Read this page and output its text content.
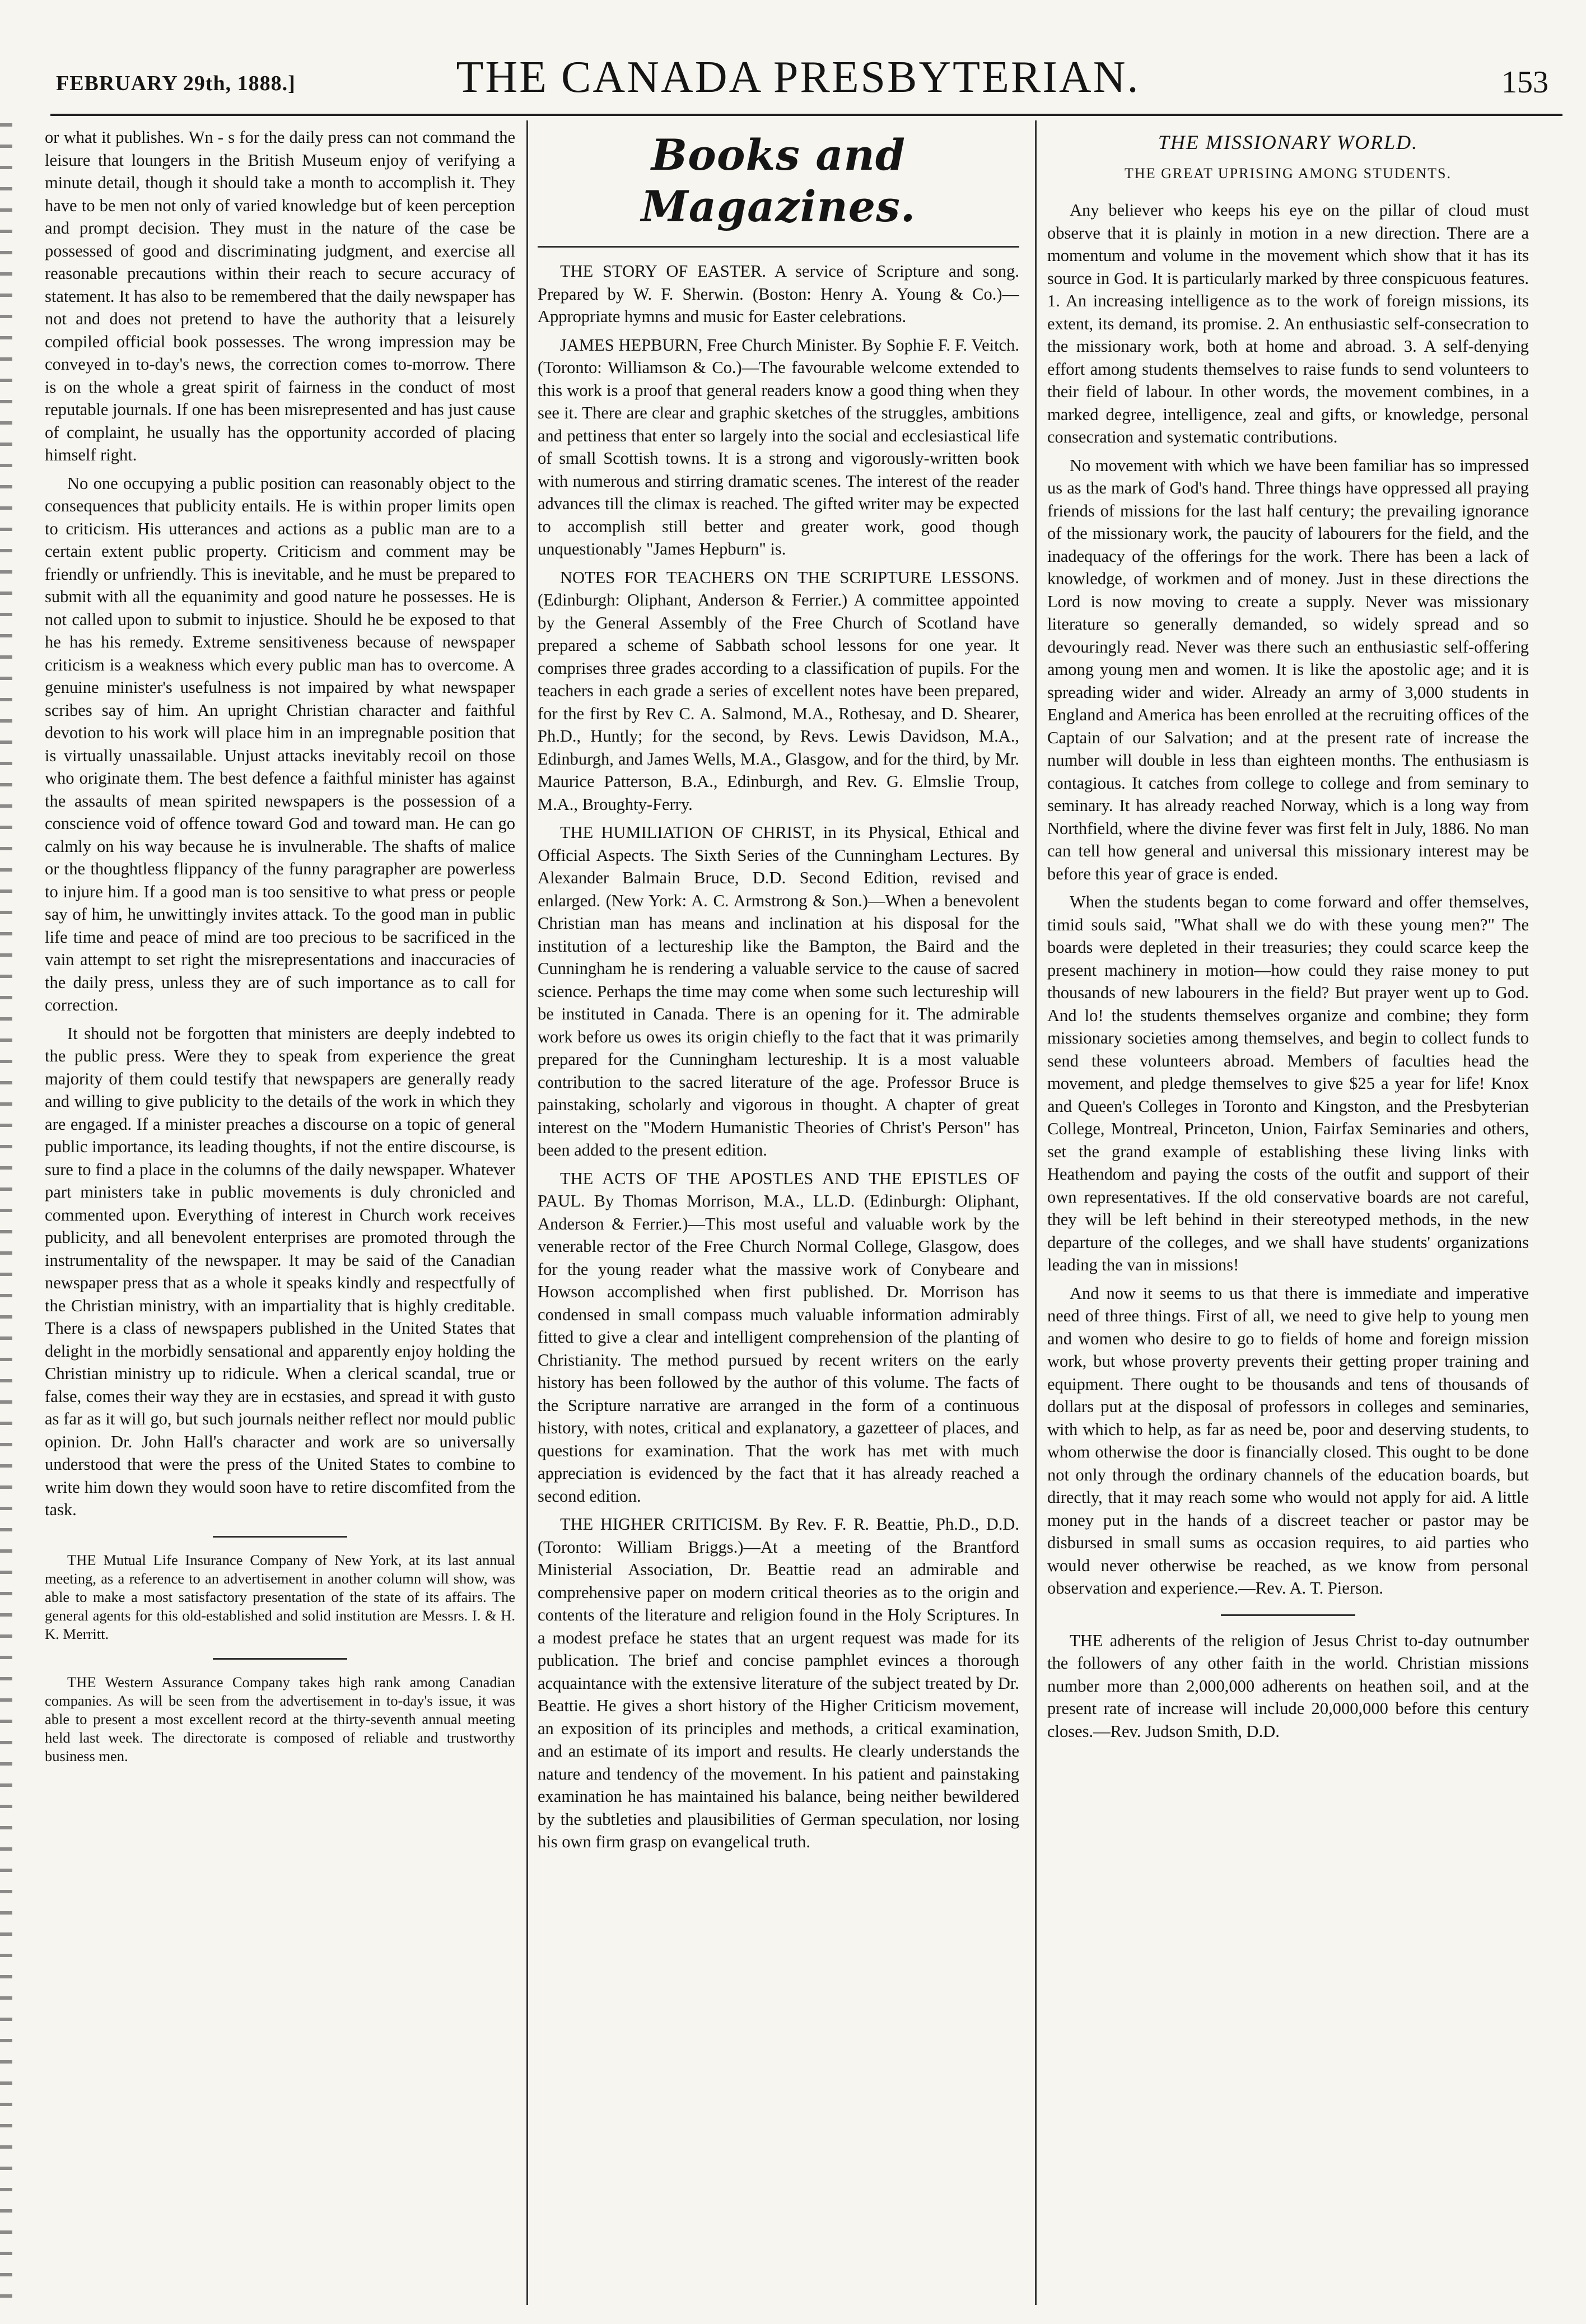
FEBRUARY 29th, 1888.]	THE CANADA PRESBYTERIAN.	153

or what it publishes. Wn - s for the daily press can not command the leisure that loungers in the British Museum enjoy of verifying a minute detail, though it should take a month to accomplish it. They have to be men not only of varied knowledge but of keen perception and prompt decision. They must in the nature of the case be possessed of good and discriminating judgment, and exercise all reasonable precautions within their reach to secure accuracy of statement. It has also to be remembered that the daily newspaper has not and does not pretend to have the authority that a leisurely compiled official book possesses. The wrong impression may be conveyed in to-day's news, the correction comes to-morrow. There is on the whole a great spirit of fairness in the conduct of most reputable journals. If one has been misrepresented and has just cause of complaint, he usually has the opportunity accorded of placing himself right.

No one occupying a public position can reasonably object to the consequences that publicity entails. He is within proper limits open to criticism. His utterances and actions as a public man are to a certain extent public property. Criticism and comment may be friendly or unfriendly. This is inevitable, and he must be prepared to submit with all the equanimity and good nature he possesses. He is not called upon to submit to injustice. Should he be exposed to that he has his remedy. Extreme sensitiveness because of newspaper criticism is a weakness which every public man has to overcome. A genuine minister's usefulness is not impaired by what newspaper scribes say of him. An upright Christian character and faithful devotion to his work will place him in an impregnable position that is virtually unassailable. Unjust attacks inevitably recoil on those who originate them. The best defence a faithful minister has against the assaults of mean spirited newspapers is the possession of a conscience void of offence toward God and toward man. He can go calmly on his way because he is invulnerable. The shafts of malice or the thoughtless flippancy of the funny paragrapher are powerless to injure him. If a good man is too sensitive to what press or people say of him, he unwittingly invites attack. To the good man in public life time and peace of mind are too precious to be sacrificed in the vain attempt to set right the misrepresentations and inaccuracies of the daily press, unless they are of such importance as to call for correction.

It should not be forgotten that ministers are deeply indebted to the public press. Were they to speak from experience the great majority of them could testify that newspapers are generally ready and willing to give publicity to the details of the work in which they are engaged. If a minister preaches a discourse on a topic of general public importance, its leading thoughts, if not the entire discourse, is sure to find a place in the columns of the daily newspaper. Whatever part ministers take in public movements is duly chronicled and commented upon. Everything of interest in Church work receives publicity, and all benevolent enterprises are promoted through the instrumentality of the newspaper. It may be said of the Canadian newspaper press that as a whole it speaks kindly and respectfully of the Christian ministry, with an impartiality that is highly creditable. There is a class of newspapers published in the United States that delight in the morbidly sensational and apparently enjoy holding the Christian ministry up to ridicule. When a clerical scandal, true or false, comes their way they are in ecstasies, and spread it with gusto as far as it will go, but such journals neither reflect nor mould public opinion. Dr. John Hall's character and work are so universally understood that were the press of the United States to combine to write him down they would soon have to retire discomfited from the task.

THE Mutual Life Insurance Company of New York, at its last annual meeting, as a reference to an advertisement in another column will show, was able to make a most satisfactory presentation of the state of its affairs. The general agents for this old-established and solid institution are Messrs. I. & H. K. Merritt.

THE Western Assurance Company takes high rank among Canadian companies. As will be seen from the advertisement in to-day's issue, it was able to present a most excellent record at the thirty-seventh annual meeting held last week. The directorate is composed of reliable and trustworthy business men.

Books and Magazines.

THE STORY OF EASTER. A service of Scripture and song. Prepared by W. F. Sherwin. (Boston: Henry A. Young & Co.)—Appropriate hymns and music for Easter celebrations.

JAMES HEPBURN, Free Church Minister. By Sophie F. F. Veitch. (Toronto: Williamson & Co.)—The favourable welcome extended to this work is a proof that general readers know a good thing when they see it. There are clear and graphic sketches of the struggles, ambitions and pettiness that enter so largely into the social and ecclesiastical life of small Scottish towns. It is a strong and vigorously-written book with numerous and stirring dramatic scenes. The interest of the reader advances till the climax is reached. The gifted writer may be expected to accomplish still better and greater work, good though unquestionably "James Hepburn" is.

NOTES FOR TEACHERS ON THE SCRIPTURE LESSONS. (Edinburgh: Oliphant, Anderson & Ferrier.) A committee appointed by the General Assembly of the Free Church of Scotland have prepared a scheme of Sabbath school lessons for one year. It comprises three grades according to a classification of pupils. For the teachers in each grade a series of excellent notes have been prepared, for the first by Rev C. A. Salmond, M.A., Rothesay, and D. Shearer, Ph.D., Huntly; for the second, by Revs. Lewis Davidson, M.A., Edinburgh, and James Wells, M.A., Glasgow, and for the third, by Mr. Maurice Patterson, B.A., Edinburgh, and Rev. G. Elmslie Troup, M.A., Broughty-Ferry.

THE HUMILIATION OF CHRIST, in its Physical, Ethical and Official Aspects. The Sixth Series of the Cunningham Lectures. By Alexander Balmain Bruce, D.D. Second Edition, revised and enlarged. (New York: A. C. Armstrong & Son.)—When a benevolent Christian man has means and inclination at his disposal for the institution of a lectureship like the Bampton, the Baird and the Cunningham he is rendering a valuable service to the cause of sacred science. Perhaps the time may come when some such lectureship will be instituted in Canada. There is an opening for it. The admirable work before us owes its origin chiefly to the fact that it was primarily prepared for the Cunningham lectureship. It is a most valuable contribution to the sacred literature of the age. Professor Bruce is painstaking, scholarly and vigorous in thought. A chapter of great interest on the "Modern Humanistic Theories of Christ's Person" has been added to the present edition.

THE ACTS OF THE APOSTLES AND THE EPISTLES OF PAUL. By Thomas Morrison, M.A., LL.D. (Edinburgh: Oliphant, Anderson & Ferrier.)—This most useful and valuable work by the venerable rector of the Free Church Normal College, Glasgow, does for the young reader what the massive work of Conybeare and Howson accomplished when first published. Dr. Morrison has condensed in small compass much valuable information admirably fitted to give a clear and intelligent comprehension of the planting of Christianity. The method pursued by recent writers on the early history has been followed by the author of this volume. The facts of the Scripture narrative are arranged in the form of a continuous history, with notes, critical and explanatory, a gazetteer of places, and questions for examination. That the work has met with much appreciation is evidenced by the fact that it has already reached a second edition.

THE HIGHER CRITICISM. By Rev. F. R. Beattie, Ph.D., D.D. (Toronto: William Briggs.)—At a meeting of the Brantford Ministerial Association, Dr. Beattie read an admirable and comprehensive paper on modern critical theories as to the origin and contents of the literature and religion found in the Holy Scriptures. In a modest preface he states that an urgent request was made for its publication. The brief and concise pamphlet evinces a thorough acquaintance with the extensive literature of the subject treated by Dr. Beattie. He gives a short history of the Higher Criticism movement, an exposition of its principles and methods, a critical examination, and an estimate of its import and results. He clearly understands the nature and tendency of the movement. In his patient and painstaking examination he has maintained his balance, being neither bewildered by the subtleties and plausibilities of German speculation, nor losing his own firm grasp on evangelical truth.

THE MISSIONARY WORLD.
THE GREAT UPRISING AMONG STUDENTS.

Any believer who keeps his eye on the pillar of cloud must observe that it is plainly in motion in a new direction. There are a momentum and volume in the movement which show that it has its source in God. It is particularly marked by three conspicuous features. 1. An increasing intelligence as to the work of foreign missions, its extent, its demand, its promise. 2. An enthusiastic self-consecration to the missionary work, both at home and abroad. 3. A self-denying effort among students themselves to raise funds to send volunteers to their field of labour. In other words, the movement combines, in a marked degree, intelligence, zeal and gifts, or knowledge, personal consecration and systematic contributions.

No movement with which we have been familiar has so impressed us as the mark of God's hand. Three things have oppressed all praying friends of missions for the last half century; the prevailing ignorance of the missionary work, the paucity of labourers for the field, and the inadequacy of the offerings for the work. There has been a lack of knowledge, of workmen and of money. Just in these directions the Lord is now moving to create a supply. Never was missionary literature so generally demanded, so widely spread and so devouringly read. Never was there such an enthusiastic self-offering among young men and women. It is like the apostolic age; and it is spreading wider and wider. Already an army of 3,000 students in England and America has been enrolled at the recruiting offices of the Captain of our Salvation; and at the present rate of increase the number will double in less than eighteen months. The enthusiasm is contagious. It catches from college to college and from seminary to seminary. It has already reached Norway, which is a long way from Northfield, where the divine fever was first felt in July, 1886. No man can tell how general and universal this missionary interest may be before this year of grace is ended.

When the students began to come forward and offer themselves, timid souls said, "What shall we do with these young men?" The boards were depleted in their treasuries; they could scarce keep the present machinery in motion—how could they raise money to put thousands of new labourers in the field? But prayer went up to God. And lo! the students themselves organize and combine; they form missionary societies among themselves, and begin to collect funds to send these volunteers abroad. Members of faculties head the movement, and pledge themselves to give $25 a year for life! Knox and Queen's Colleges in Toronto and Kingston, and the Presbyterian College, Montreal, Princeton, Union, Fairfax Seminaries and others, set the grand example of establishing these living links with Heathendom and paying the costs of the outfit and support of their own representatives. If the old conservative boards are not careful, they will be left behind in their stereotyped methods, in the new departure of the colleges, and we shall have students' organizations leading the van in missions!

And now it seems to us that there is immediate and imperative need of three things. First of all, we need to give help to young men and women who desire to go to fields of home and foreign mission work, but whose proverty prevents their getting proper training and equipment. There ought to be thousands and tens of thousands of dollars put at the disposal of professors in colleges and seminaries, with which to help, as far as need be, poor and deserving students, to whom otherwise the door is financially closed. This ought to be done not only through the ordinary channels of the education boards, but directly, that it may reach some who would not apply for aid. A little money put in the hands of a discreet teacher or pastor may be disbursed in small sums as occasion requires, to aid parties who would never otherwise be reached, as we know from personal observation and experience.—Rev. A. T. Pierson.

THE adherents of the religion of Jesus Christ to-day outnumber the followers of any other faith in the world. Christian missions number more than 2,000,000 adherents on heathen soil, and at the present rate of increase will include 20,000,000 before this century closes.—Rev. Judson Smith, D.D.
